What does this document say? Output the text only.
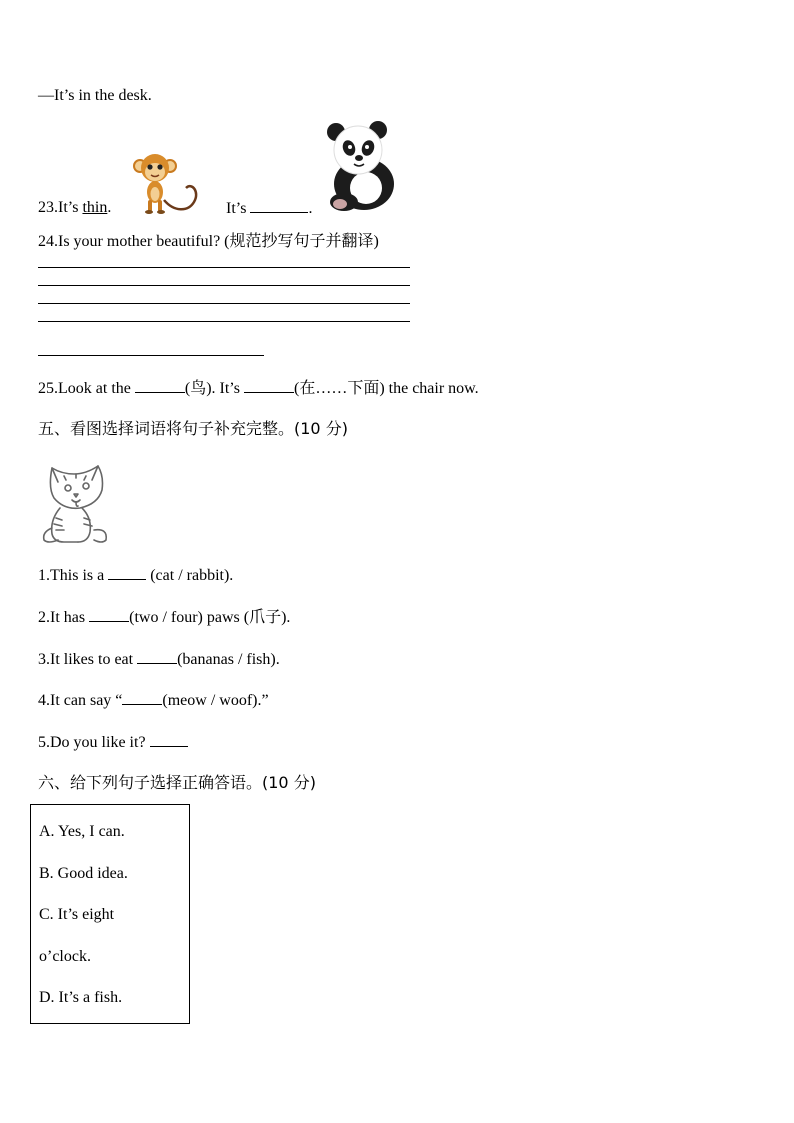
—It’s in the desk.
23.It’s thin.	It’s	.
24.Is your mother beautiful? (规范抄写句子并翻译)
25.Look at the	(鸟). It’s	(在……下面) the chair now.
五、看图选择词语将句子补充完整。(10 分)
1.This is a  (cat / rabbit).
2.It has	(two / four) paws (爪子).
3.It likes to eat	(bananas / fish).
4.It can say “	(meow / woof).”
5.Do you like it?
六、给下列句子选择正确答语。(10 分)
A. Yes, I can.
B. Good idea.
C. It’s eight
o’clock.
D. It’s a fish.
